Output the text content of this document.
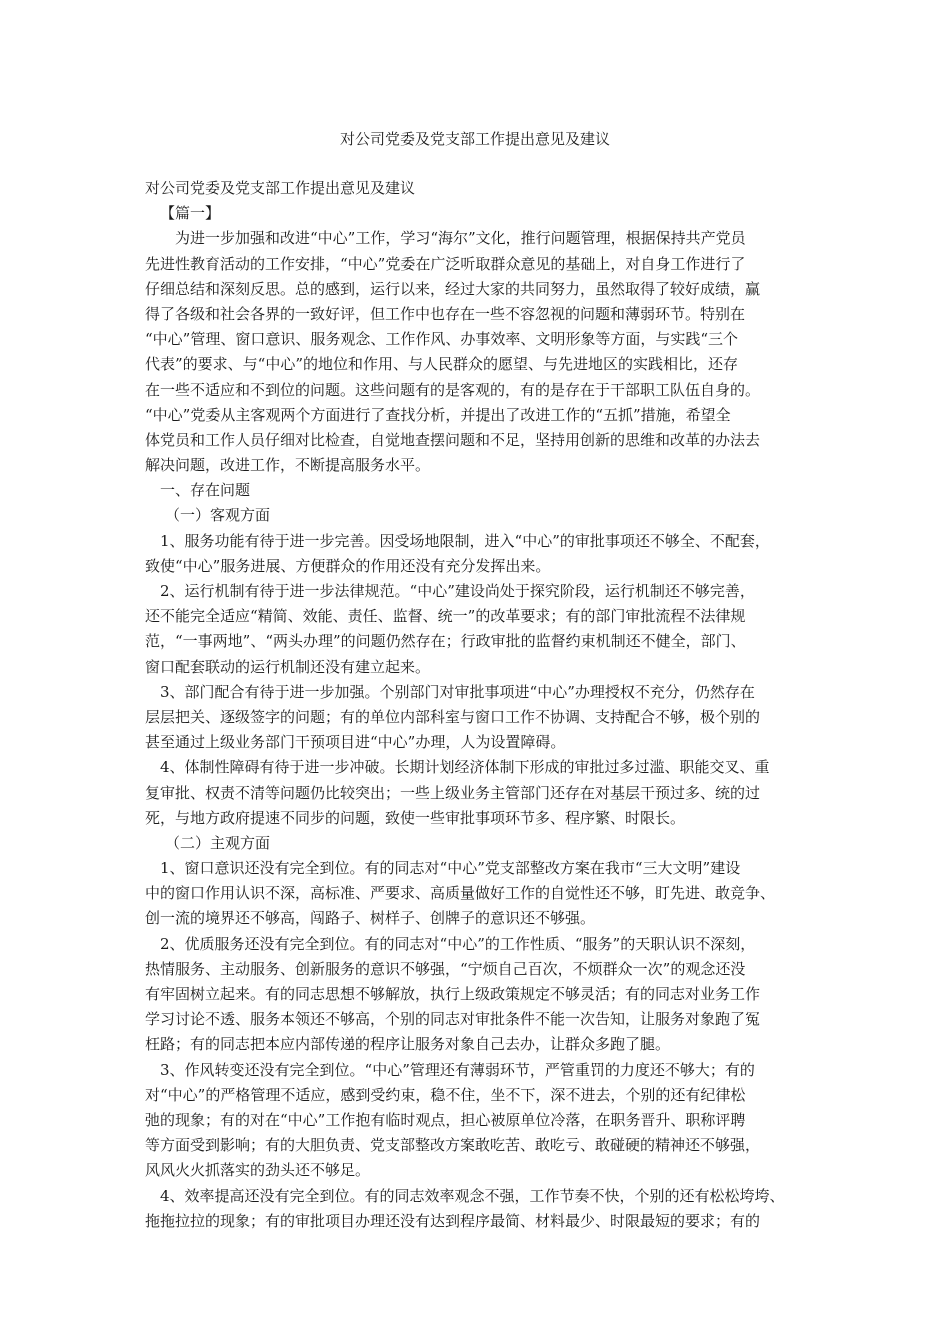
对公司党委及党支部工作提出意见及建议
对公司党委及党支部工作提出意见及建议
【篇一】
为进一步加强和改进“中心”工作，学习“海尔”文化，推行问题管理，根据保持共产党员
先进性教育活动的工作安排，“中心”党委在广泛听取群众意见的基础上，对自身工作进行了
仔细总结和深刻反思。总的感到，运行以来，经过大家的共同努力，虽然取得了较好成绩，赢
得了各级和社会各界的一致好评，但工作中也存在一些不容忽视的问题和薄弱环节。特别在
“中心”管理、窗口意识、服务观念、工作作风、办事效率、文明形象等方面，与实践“三个
代表”的要求、与“中心”的地位和作用、与人民群众的愿望、与先进地区的实践相比，还存
在一些不适应和不到位的问题。这些问题有的是客观的，有的是存在于干部职工队伍自身的。
“中心”党委从主客观两个方面进行了查找分析，并提出了改进工作的“五抓”措施，希望全
体党员和工作人员仔细对比检查，自觉地查摆问题和不足，坚持用创新的思维和改革的办法去
解决问题，改进工作，不断提高服务水平。
一、存在问题
（一）客观方面
1、服务功能有待于进一步完善。因受场地限制，进入“中心”的审批事项还不够全、不配套，
致使“中心”服务进展、方便群众的作用还没有充分发挥出来。
2、运行机制有待于进一步法律规范。“中心”建设尚处于探究阶段，运行机制还不够完善，
还不能完全适应“精简、效能、责任、监督、统一”的改革要求；有的部门审批流程不法律规
范，“一事两地”、“两头办理”的问题仍然存在；行政审批的监督约束机制还不健全，部门、
窗口配套联动的运行机制还没有建立起来。
3、部门配合有待于进一步加强。个别部门对审批事项进“中心”办理授权不充分，仍然存在
层层把关、逐级签字的问题；有的单位内部科室与窗口工作不协调、支持配合不够，极个别的
甚至通过上级业务部门干预项目进“中心”办理，人为设置障碍。
4、体制性障碍有待于进一步冲破。长期计划经济体制下形成的审批过多过滥、职能交叉、重
复审批、权责不清等问题仍比较突出；一些上级业务主管部门还存在对基层干预过多、统的过
死，与地方政府提速不同步的问题，致使一些审批事项环节多、程序繁、时限长。
（二）主观方面
1、窗口意识还没有完全到位。有的同志对“中心”党支部整改方案在我市“三大文明”建设
中的窗口作用认识不深，高标准、严要求、高质量做好工作的自觉性还不够，盯先进、敢竞争、
创一流的境界还不够高，闯路子、树样子、创牌子的意识还不够强。
2、优质服务还没有完全到位。有的同志对“中心”的工作性质、“服务”的天职认识不深刻，
热情服务、主动服务、创新服务的意识不够强，“宁烦自己百次，不烦群众一次”的观念还没
有牢固树立起来。有的同志思想不够解放，执行上级政策规定不够灵活；有的同志对业务工作
学习讨论不透、服务本领还不够高，个别的同志对审批条件不能一次告知，让服务对象跑了冤
枉路；有的同志把本应内部传递的程序让服务对象自己去办，让群众多跑了腿。
3、作风转变还没有完全到位。“中心”管理还有薄弱环节，严管重罚的力度还不够大；有的
对“中心”的严格管理不适应，感到受约束，稳不住，坐不下，深不进去，个别的还有纪律松
弛的现象；有的对在“中心”工作抱有临时观点，担心被原单位冷落，在职务晋升、职称评聘
等方面受到影响；有的大胆负责、党支部整改方案敢吃苦、敢吃亏、敢碰硬的精神还不够强，
风风火火抓落实的劲头还不够足。
4、效率提高还没有完全到位。有的同志效率观念不强，工作节奏不快，个别的还有松松垮垮、
拖拖拉拉的现象；有的审批项目办理还没有达到程序最简、材料最少、时限最短的要求；有的
